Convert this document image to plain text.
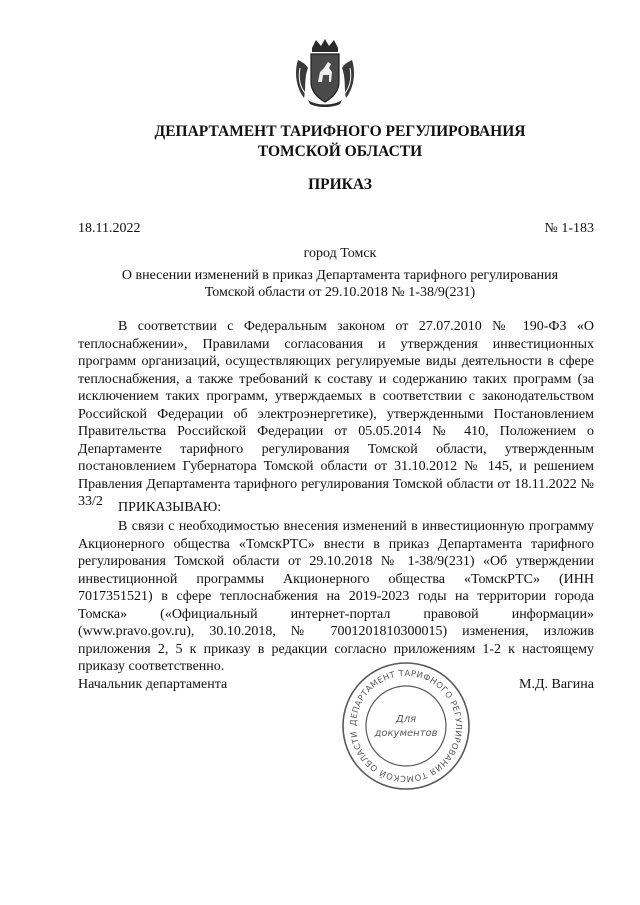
ДЕПАРТАМЕНТ ТАРИФНОГО РЕГУЛИРОВАНИЯ
ТОМСКОЙ ОБЛАСТИ
ПРИКАЗ
18.11.2022	№ 1-183
город Томск
О внесении изменений в приказ Департамента тарифного регулирования
Томской области от 29.10.2018 № 1-38/9(231)
В соответствии с Федеральным законом от 27.07.2010 № 190-ФЗ «О теплоснабжении», Правилами согласования и утверждения инвестиционных программ организаций, осуществляющих регулируемые виды деятельности в сфере теплоснабжения, а также требований к составу и содержанию таких программ (за исключением таких программ, утверждаемых в соответствии с законодательством Российской Федерации об электроэнергетике), утвержденными Постановлением Правительства Российской Федерации от 05.05.2014 № 410, Положением о Департаменте тарифного регулирования Томской области, утвержденным постановлением Губернатора Томской области от 31.10.2012 № 145, и решением Правления Департамента тарифного регулирования Томской области от 18.11.2022 № 33/2	ПРИКАЗЫВАЮ:
В связи с необходимостью внесения изменений в инвестиционную программу Акционерного общества «ТомскРТС» внести в приказ Департамента тарифного регулирования Томской области от 29.10.2018 № 1-38/9(231) «Об утверждении инвестиционной программы Акционерного общества «ТомскРТС» (ИНН 7017351521) в сфере теплоснабжения на 2019-2023 годы на территории города Томска» («Официальный интернет-портал правовой информации» (www.pravo.gov.ru), 30.10.2018, № 7001201810300015) изменения, изложив приложения 2, 5 к приказу в редакции согласно приложениям 1-2 к настоящему приказу соответственно.
Начальник департамента	М.Д. Вагина
ДЕПАРТАМЕНТ ТАРИФНОГО РЕГУЛИРОВАНИЯ ТОМСКОЙ ОБЛАСТИ
Для
документов
